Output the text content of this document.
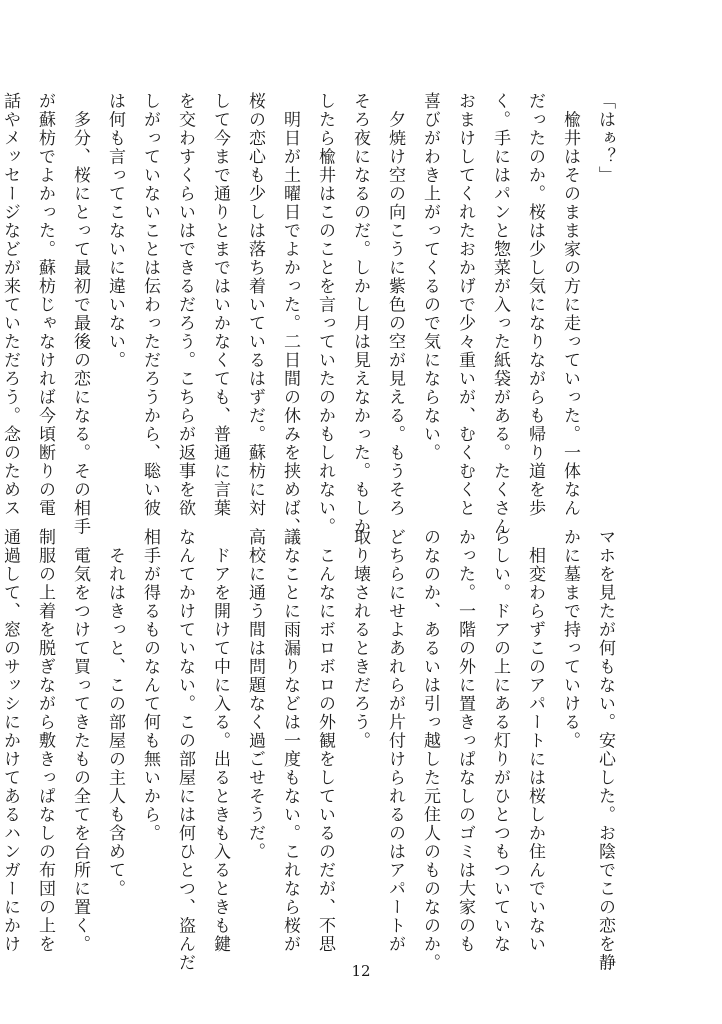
「はぁ？」
　楡井はそのまま家の方に走っていった。一体なん
だったのか。桜は少し気になりながらも帰り道を歩
く。手にはパンと惣菜が入った紙袋がある。たくさん
おまけしてくれたおかげで少々重いが、むくむくと
喜びがわき上がってくるので気にならない。
　夕焼け空の向こうに紫色の空が見える。もうそろ
そろ夜になるのだ。しかし月は見えなかった。もしか
したら楡井はこのことを言っていたのかもしれない。
　明日が土曜日でよかった。二日間の休みを挟めば、
桜の恋心も少しは落ち着いているはずだ。蘇枋に対
して今まで通りとまではいかなくても、普通に言葉
を交わすくらいはできるだろう。こちらが返事を欲
しがっていないことは伝わっただろうから、聡い彼
は何も言ってこないに違いない。
　多分、桜にとって最初で最後の恋になる。その相手
が蘇枋でよかった。蘇枋じゃなければ今頃断りの電
話やメッセージなどが来ていただろう。念のためス
マホを見たが何もない。安心した。お陰でこの恋を静
かに墓まで持っていける。
　相変わらずこのアパートには桜しか住んでいない
らしい。ドアの上にある灯りがひとつもついていな
かった。一階の外に置きっぱなしのゴミは大家のも
のなのか、あるいは引っ越した元住人のものなのか。
どちらにせよあれらが片付けられるのはアパートが
取り壊されるときだろう。
　こんなにボロボロの外観をしているのだが、不思
議なことに雨漏りなどは一度もない。これなら桜が
高校に通う間は問題なく過ごせそうだ。
　ドアを開けて中に入る。出るときも入るときも鍵
なんてかけていない。この部屋には何ひとつ、盗んだ
相手が得るものなんて何も無いから。
　それはきっと、この部屋の主人も含めて。
　電気をつけて買ってきたもの全てを台所に置く。
制服の上着を脱ぎながら敷きっぱなしの布団の上を
通過して、窓のサッシにかけてあるハンガーにかけ
12
